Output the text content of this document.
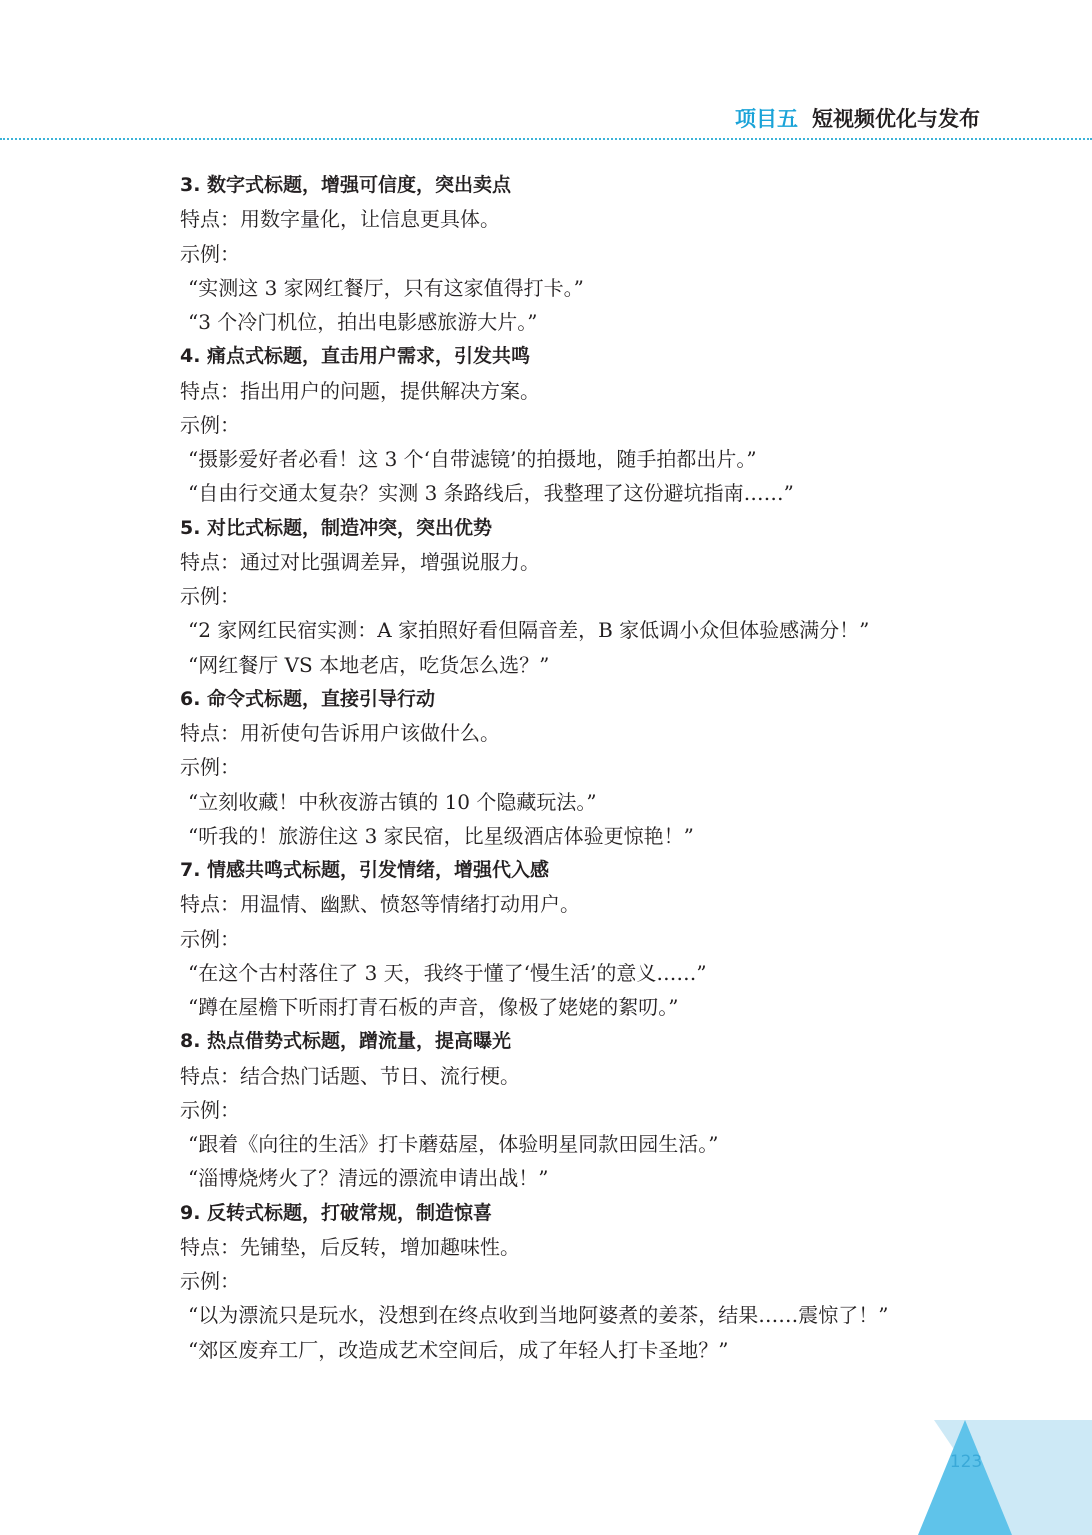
项目五 短视频优化与发布
3. 数字式标题，增强可信度，突出卖点
特点：用数字量化，让信息更具体。
示例：
“实测这 3 家网红餐厅，只有这家值得打卡。”
“3 个冷门机位，拍出电影感旅游大片。”
4. 痛点式标题，直击用户需求，引发共鸣
特点：指出用户的问题，提供解决方案。
示例：
“摄影爱好者必看！这 3 个‘自带滤镜’的拍摄地，随手拍都出片。”
“自由行交通太复杂？实测 3 条路线后，我整理了这份避坑指南……”
5. 对比式标题，制造冲突，突出优势
特点：通过对比强调差异，增强说服力。
示例：
“2 家网红民宿实测：A 家拍照好看但隔音差，B 家低调小众但体验感满分！”
“网红餐厅 VS 本地老店，吃货怎么选？”
6. 命令式标题，直接引导行动
特点：用祈使句告诉用户该做什么。
示例：
“立刻收藏！中秋夜游古镇的 10 个隐藏玩法。”
“听我的！旅游住这 3 家民宿，比星级酒店体验更惊艳！”
7. 情感共鸣式标题，引发情绪，增强代入感
特点：用温情、幽默、愤怒等情绪打动用户。
示例：
“在这个古村落住了 3 天，我终于懂了‘慢生活’的意义……”
“蹲在屋檐下听雨打青石板的声音，像极了姥姥的絮叨。”
8. 热点借势式标题，蹭流量，提高曝光
特点：结合热门话题、节日、流行梗。
示例：
“跟着《向往的生活》打卡蘑菇屋，体验明星同款田园生活。”
“淄博烧烤火了？清远的漂流申请出战！”
9. 反转式标题，打破常规，制造惊喜
特点：先铺垫，后反转，增加趣味性。
示例：
“以为漂流只是玩水，没想到在终点收到当地阿婆煮的姜茶，结果……震惊了！”
“郊区废弃工厂，改造成艺术空间后，成了年轻人打卡圣地？”
123
